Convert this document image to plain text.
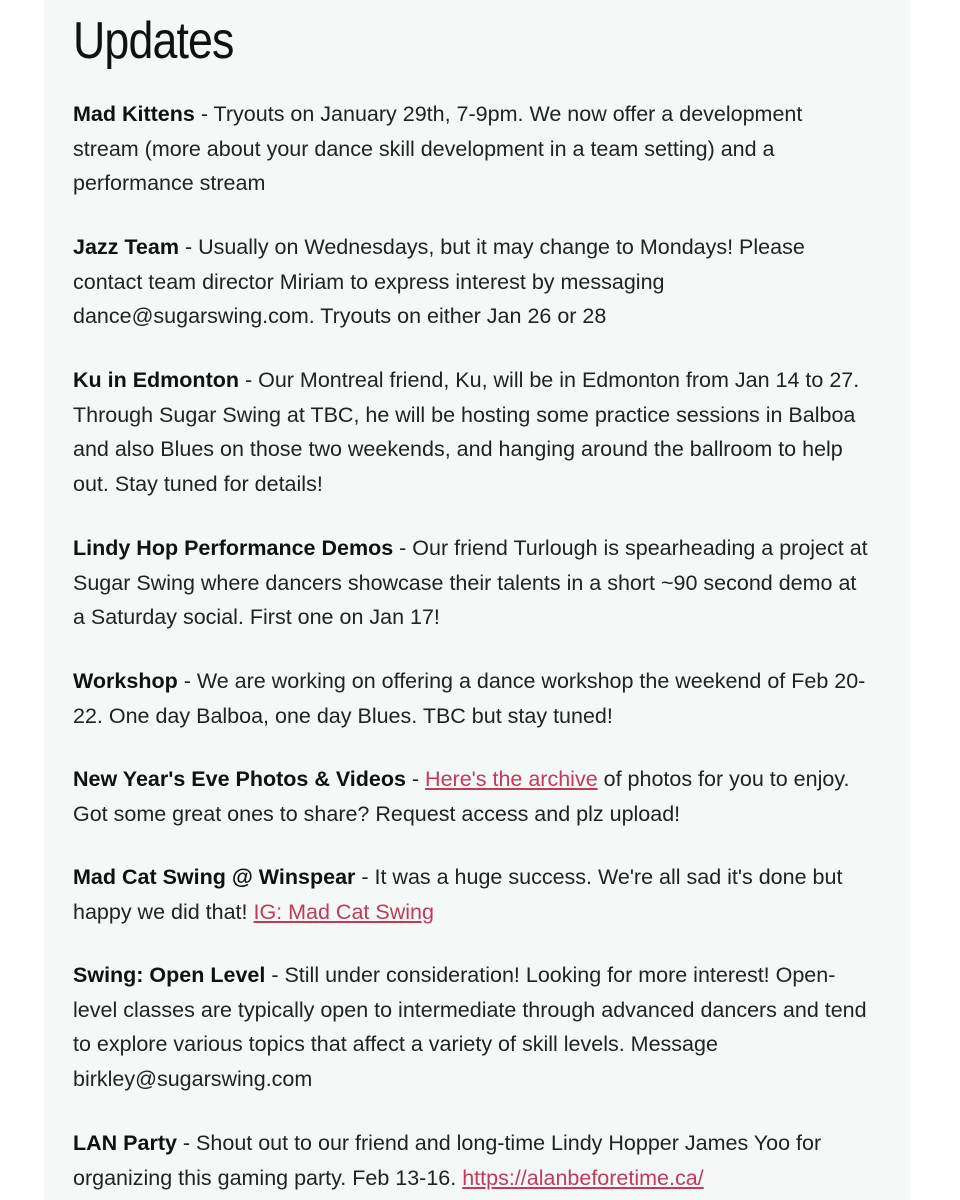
Updates

Mad Kittens - Tryouts on January 29th, 7-9pm. We now offer a development stream (more about your dance skill development in a team setting) and a performance stream

Jazz Team - Usually on Wednesdays, but it may change to Mondays! Please contact team director Miriam to express interest by messaging dance@sugarswing.com. Tryouts on either Jan 26 or 28

Ku in Edmonton - Our Montreal friend, Ku, will be in Edmonton from Jan 14 to 27. Through Sugar Swing at TBC, he will be hosting some practice sessions in Balboa and also Blues on those two weekends, and hanging around the ballroom to help out. Stay tuned for details!

Lindy Hop Performance Demos - Our friend Turlough is spearheading a project at Sugar Swing where dancers showcase their talents in a short ~90 second demo at a Saturday social. First one on Jan 17!

Workshop - We are working on offering a dance workshop the weekend of Feb 20-22. One day Balboa, one day Blues. TBC but stay tuned!

New Year's Eve Photos & Videos - Here's the archive of photos for you to enjoy. Got some great ones to share? Request access and plz upload!

Mad Cat Swing @ Winspear - It was a huge success. We're all sad it's done but happy we did that! IG: Mad Cat Swing

Swing: Open Level - Still under consideration! Looking for more interest! Open-level classes are typically open to intermediate through advanced dancers and tend to explore various topics that affect a variety of skill levels. Message birkley@sugarswing.com

LAN Party - Shout out to our friend and long-time Lindy Hopper James Yoo for organizing this gaming party. Feb 13-16. https://alanbeforetime.ca/
